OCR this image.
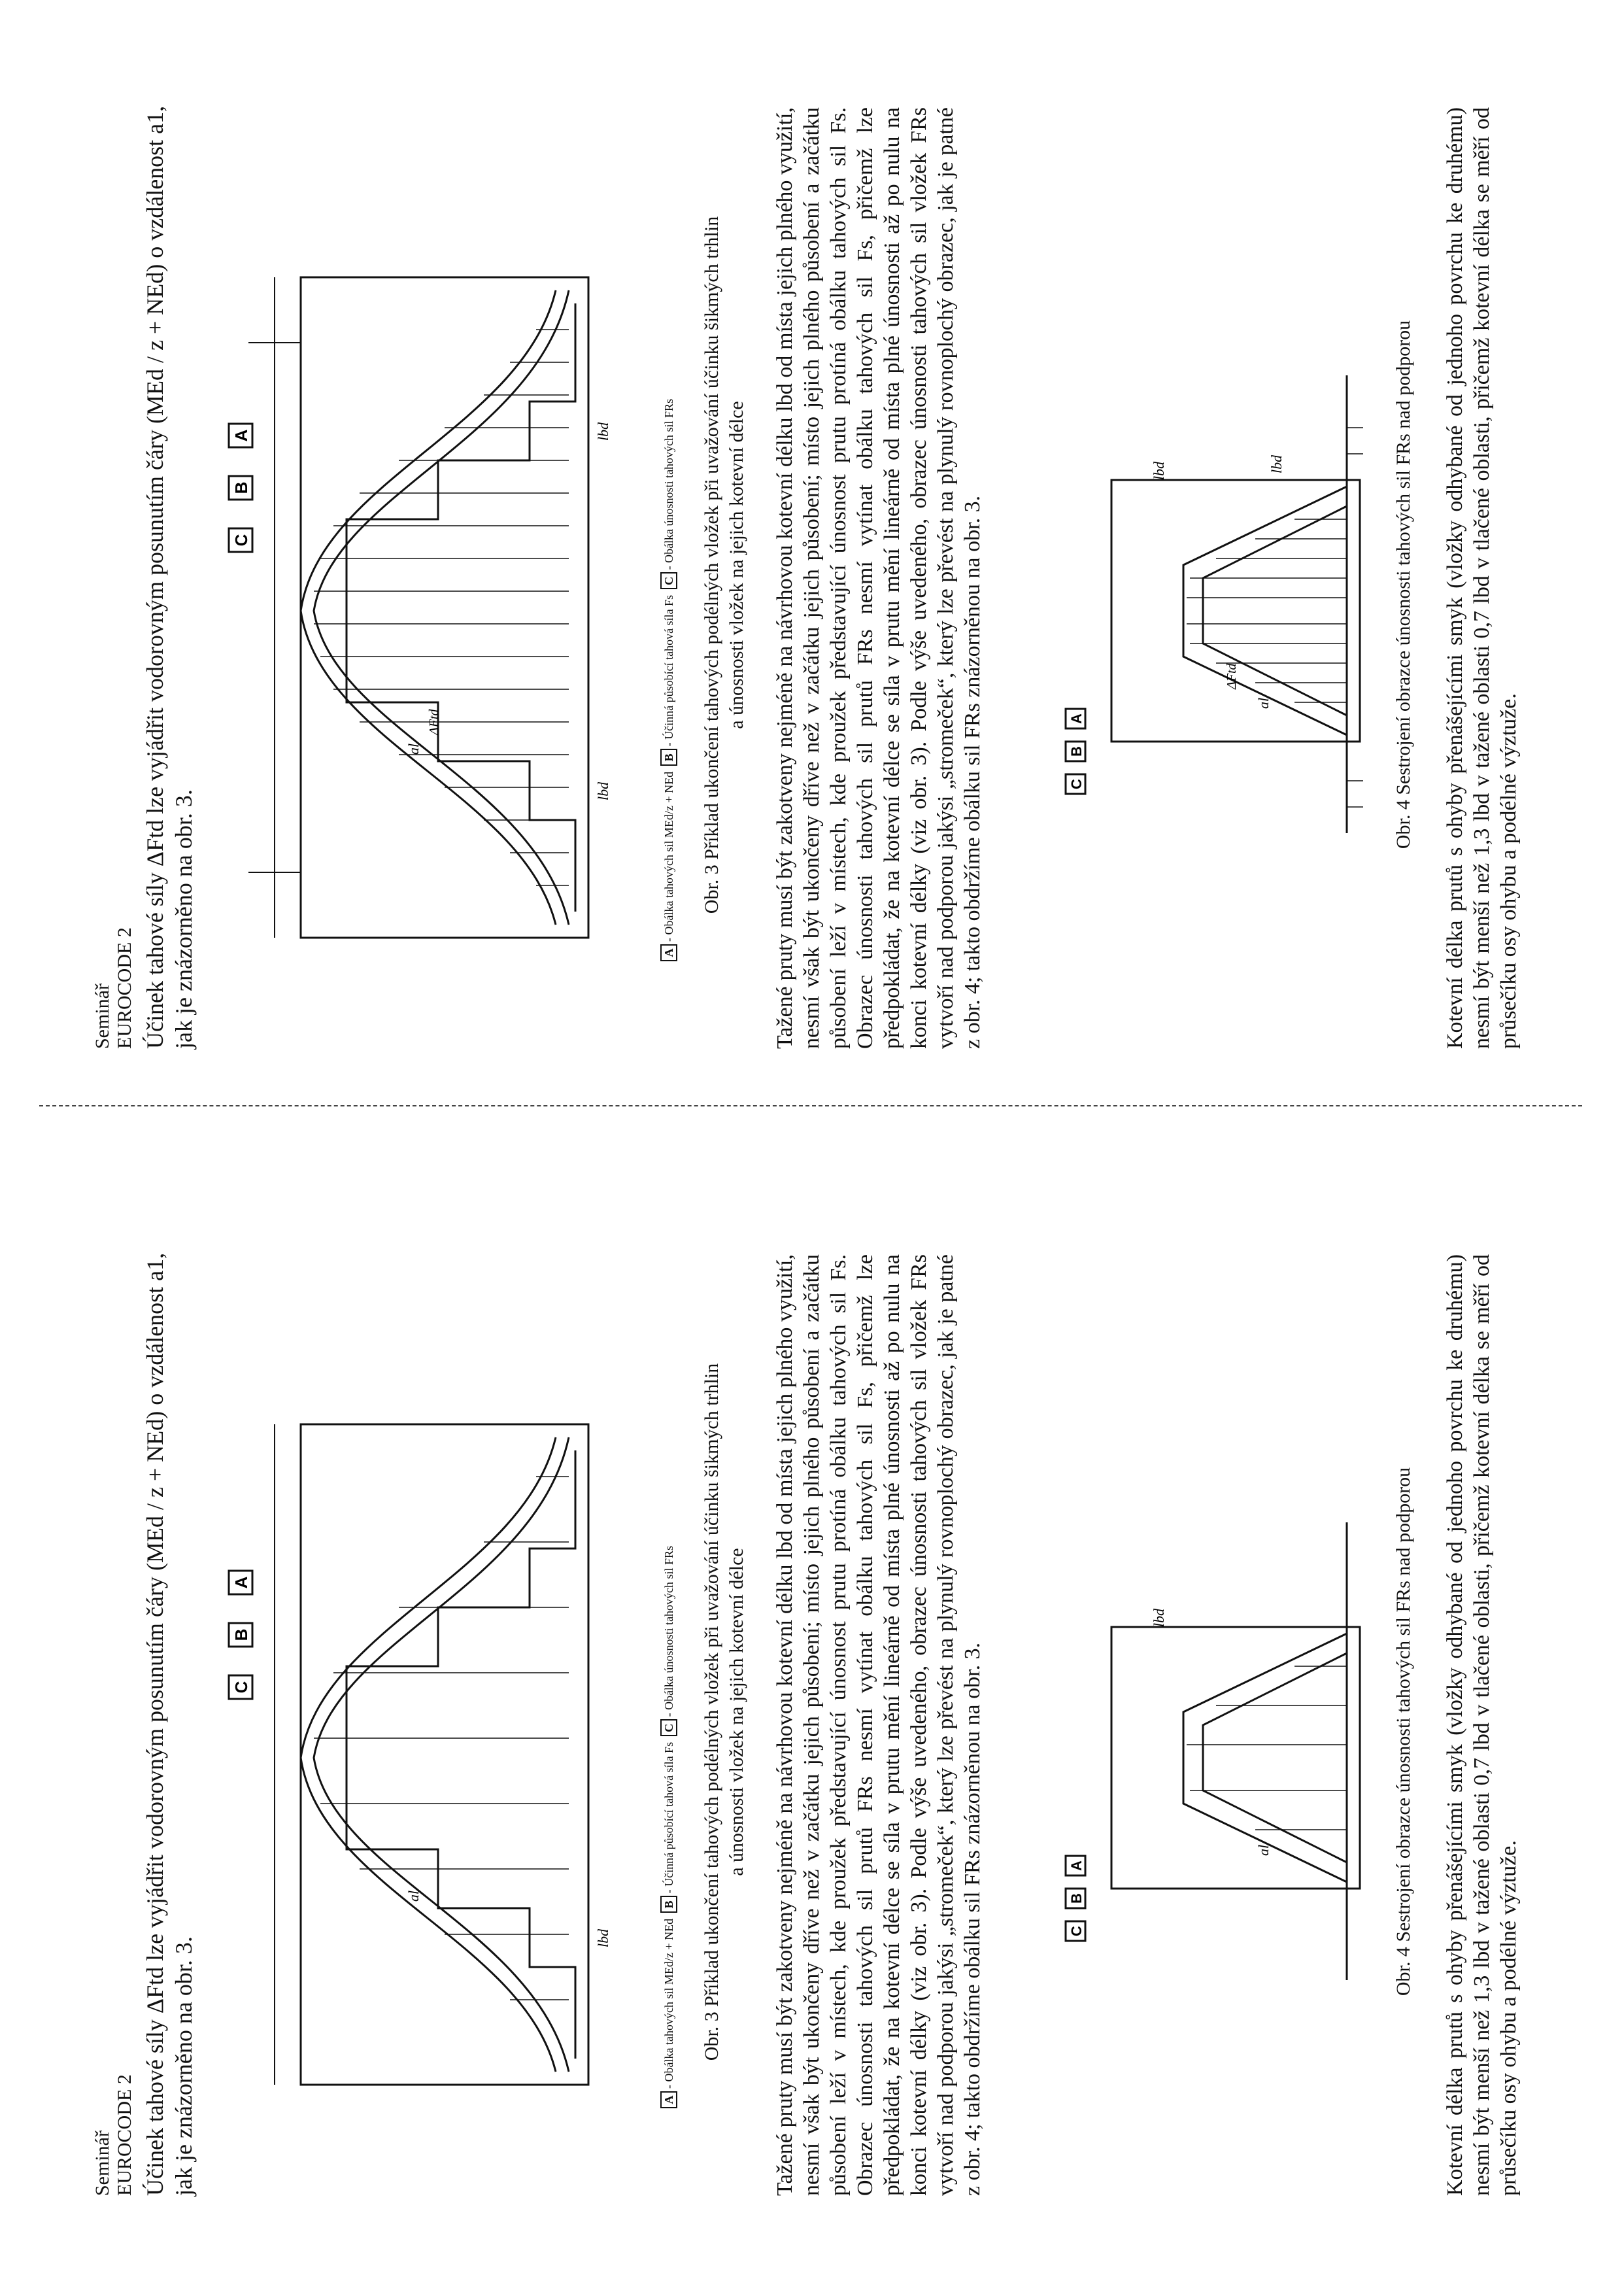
Seminář EUROCODE 2 Účinek tahové síly ΔFtd lze vyjádřit vodorovným posunutím čáry (MEd / z + NEd) o vzdálenost a1, jak je znázorněno na obr. 3.
C
B
A
lbd
lbd
al
ΔFtd
A- Obálka tahových sil MEd/z + NEd B- Účinná působící tahová síla Fs C- Obálka únosnosti tahových sil FRs Obr. 3 Příklad ukončení tahových podélných vložek při uvažování účinku šikmých trhlin a únosnosti vložek na jejich kotevní délce Tažené pruty musí být zakotveny nejméně na návrhovou kotevní délku lbd od místa jejich plného využití, nesmí však být ukončeny dříve než v začátku jejich působení; místo jejich plného působení a začátku působení leží v místech, kde proužek představující únosnost prutu protíná obálku tahových sil Fs. Obrazec únosnosti tahových sil prutů FRs nesmí vytínat obálku tahových sil Fs, přičemž lze předpokládat, že na kotevní délce se síla v prutu mění lineárně od místa plné únosnosti až po nulu na konci kotevní délky (viz obr. 3). Podle výše uvedeného, obrazec únosnosti tahových sil vložek FRs vytvoří nad podporou jakýsi „stromeček“, který lze převést na plynulý rovnoplochý obrazec, jak je patné z obr. 4; takto obdržíme obálku sil FRs znázorněnou na obr. 3.	C
B
A
lbd	lbd
al
ΔFtd	Obr. 4 Sestrojení obrazce únosnosti tahových sil FRs nad podporou Kotevní délka prutů s ohyby přenášejícími smyk (vložky odhybané od jednoho povrchu ke druhému) nesmí být menší než 1,3 lbd v tažené oblasti 0,7 lbd v tlačené oblasti, přičemž kotevní délka se měří od průsečíku osy ohybu a podélné výztuže.
Seminář EUROCODE 2 Účinek tahové síly ΔFtd lze vyjádřit vodorovným posunutím čáry (MEd / z + NEd) o vzdálenost a1, jak je znázorněno na obr. 3.
C
B
A
lbd
al
A- Obálka tahových sil MEd/z + NEd B- Účinná působící tahová síla Fs C- Obálka únosnosti tahových sil FRs Obr. 3 Příklad ukončení tahových podélných vložek při uvažování účinku šikmých trhlin a únosnosti vložek na jejich kotevní délce Tažené pruty musí být zakotveny nejméně na návrhovou kotevní délku lbd od místa jejich plného využití, nesmí však být ukončeny dříve než v začátku jejich působení; místo jejich plného působení a začátku působení leží v místech, kde proužek představující únosnost prutu protíná obálku tahových sil Fs. Obrazec únosnosti tahových sil prutů FRs nesmí vytínat obálku tahových sil Fs, přičemž lze předpokládat, že na kotevní délce se síla v prutu mění lineárně od místa plné únosnosti až po nulu na konci kotevní délky (viz obr. 3). Podle výše uvedeného, obrazec únosnosti tahových sil vložek FRs vytvoří nad podporou jakýsi „stromeček“, který lze převést na plynulý rovnoplochý obrazec, jak je patné z obr. 4; takto obdržíme obálku sil FRs znázorněnou na obr. 3.	C
B
A
lbd
al	Obr. 4 Sestrojení obrazce únosnosti tahových sil FRs nad podporou Kotevní délka prutů s ohyby přenášejícími smyk (vložky odhybané od jednoho povrchu ke druhému) nesmí být menší než 1,3 lbd v tažené oblasti 0,7 lbd v tlačené oblasti, přičemž kotevní délka se měří od průsečíku osy ohybu a podélné výztuže.
